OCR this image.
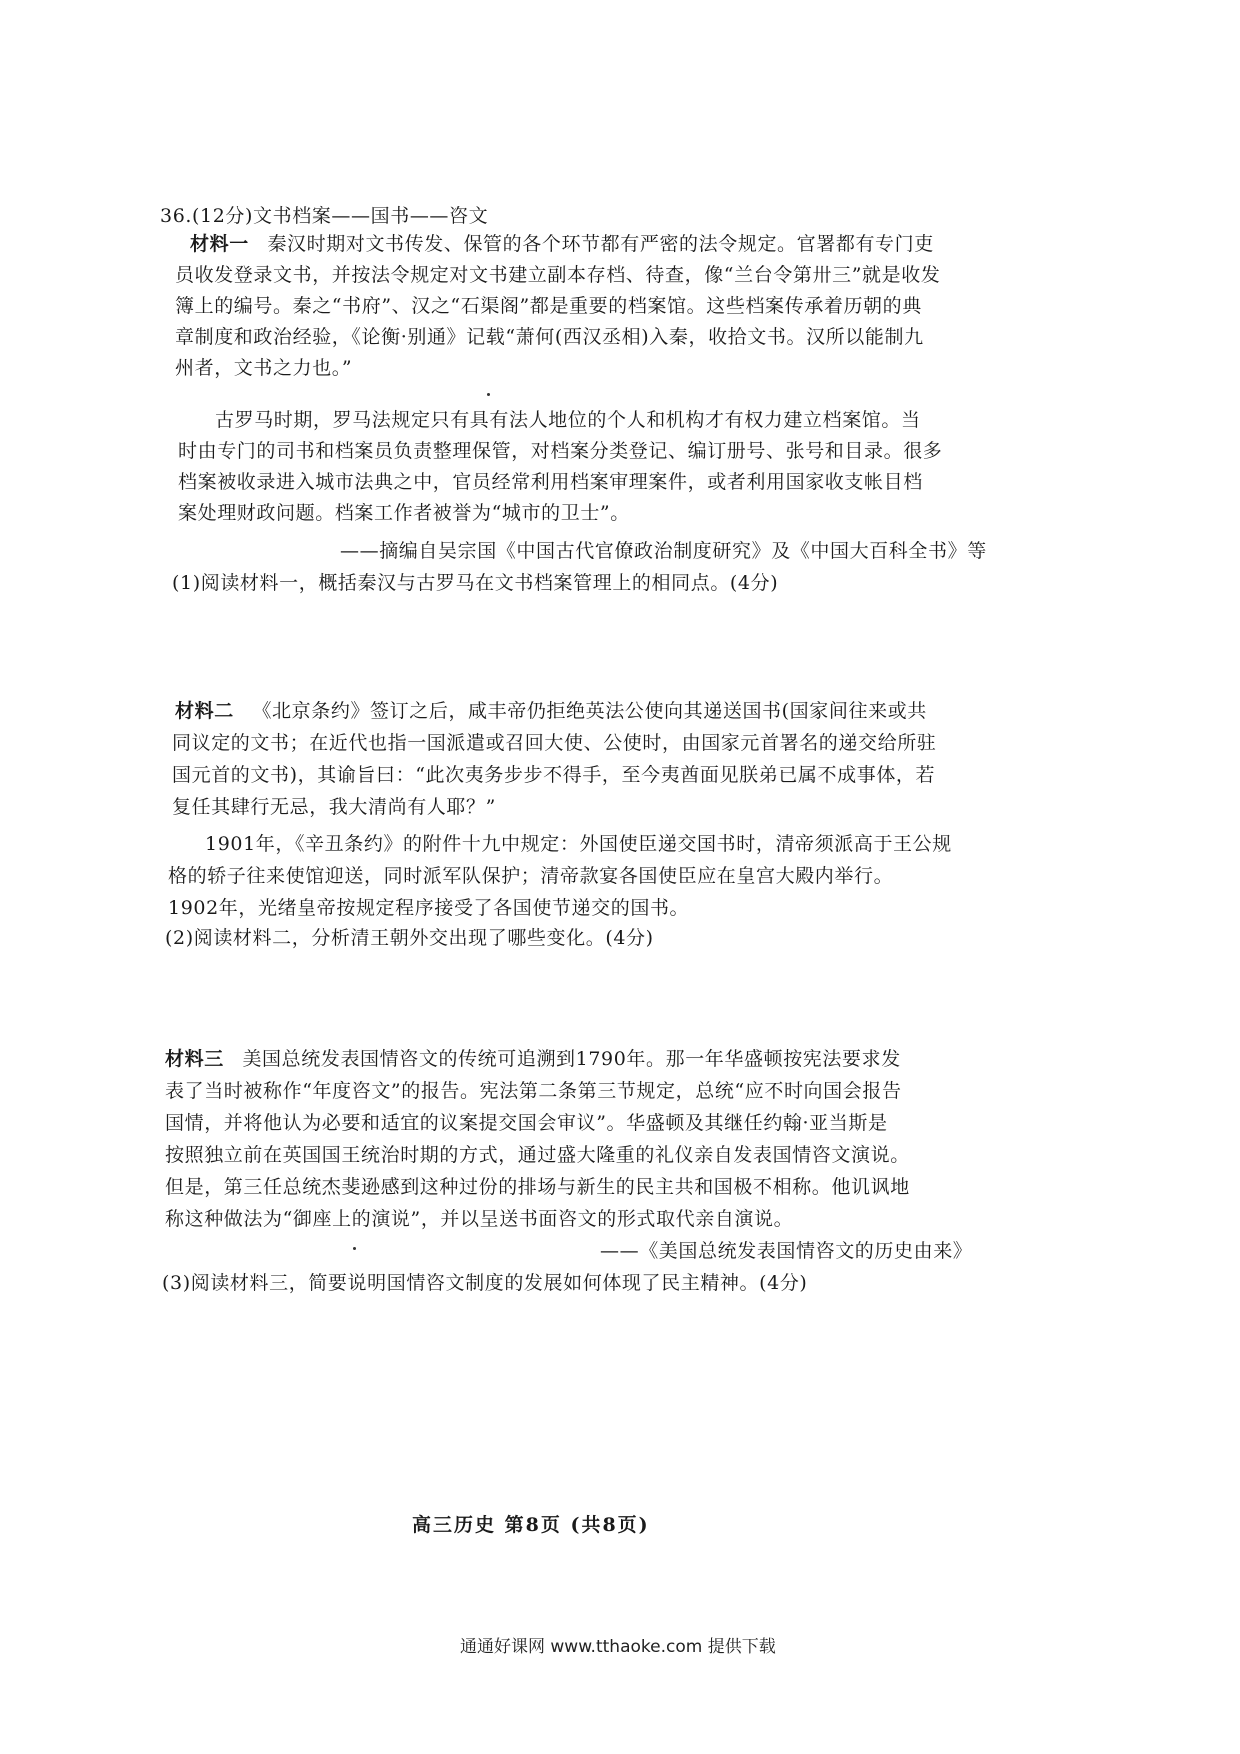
36.(12分)文书档案——国书——咨文
材料一 秦汉时期对文书传发、保管的各个环节都有严密的法令规定。官署都有专门吏
员收发登录文书，并按法令规定对文书建立副本存档、待查，像“兰台令第卅三”就是收发
簿上的编号。秦之“书府”、汉之“石渠阁”都是重要的档案馆。这些档案传承着历朝的典
章制度和政治经验，《论衡·别通》记载“萧何(西汉丞相)入秦，收拾文书。汉所以能制九
州者，文书之力也。”
古罗马时期，罗马法规定只有具有法人地位的个人和机构才有权力建立档案馆。当
时由专门的司书和档案员负责整理保管，对档案分类登记、编订册号、张号和目录。很多
档案被收录进入城市法典之中，官员经常利用档案审理案件，或者利用国家收支帐目档
案处理财政问题。档案工作者被誉为“城市的卫士”。
——摘编自吴宗国《中国古代官僚政治制度研究》及《中国大百科全书》等
(1)阅读材料一，概括秦汉与古罗马在文书档案管理上的相同点。(4分)
材料二 《北京条约》签订之后，咸丰帝仍拒绝英法公使向其递送国书(国家间往来或共
同议定的文书；在近代也指一国派遣或召回大使、公使时，由国家元首署名的递交给所驻
国元首的文书)，其谕旨曰：“此次夷务步步不得手，至今夷酋面见朕弟已属不成事体，若
复任其肆行无忌，我大清尚有人耶？”
1901年，《辛丑条约》的附件十九中规定：外国使臣递交国书时，清帝须派高于王公规
格的轿子往来使馆迎送，同时派军队保护；清帝款宴各国使臣应在皇宫大殿内举行。
1902年，光绪皇帝按规定程序接受了各国使节递交的国书。
(2)阅读材料二，分析清王朝外交出现了哪些变化。(4分)
材料三 美国总统发表国情咨文的传统可追溯到1790年。那一年华盛顿按宪法要求发
表了当时被称作“年度咨文”的报告。宪法第二条第三节规定，总统“应不时向国会报告
国情，并将他认为必要和适宜的议案提交国会审议”。华盛顿及其继任约翰·亚当斯是
按照独立前在英国国王统治时期的方式，通过盛大隆重的礼仪亲自发表国情咨文演说。
但是，第三任总统杰斐逊感到这种过份的排场与新生的民主共和国极不相称。他讥讽地
称这种做法为“御座上的演说”，并以呈送书面咨文的形式取代亲自演说。
——《美国总统发表国情咨文的历史由来》
(3)阅读材料三，简要说明国情咨文制度的发展如何体现了民主精神。(4分)
高三历史 第8页 (共8页)
通通好课网 www.tthaoke.com 提供下载
